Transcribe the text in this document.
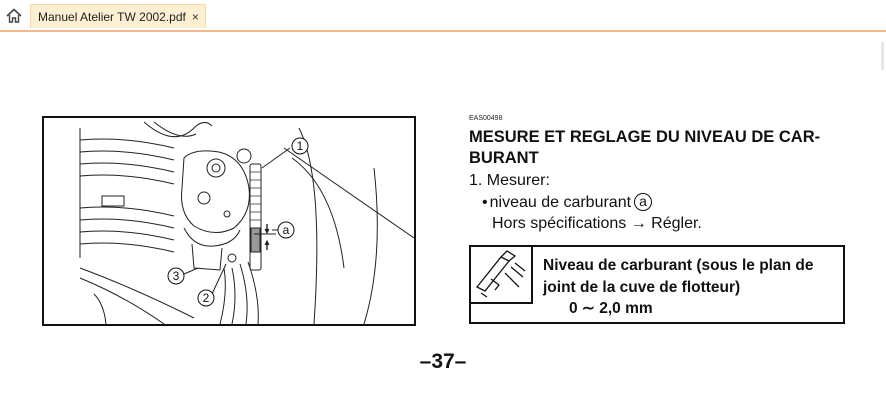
Manuel Atelier TW 2002.pdf ×
1
a
3
2
EAS00498
MESURE ET REGLAGE DU NIVEAU DE CAR- BURANT
1. Mesurer:
• niveau de carburant a
Hors spécifications → Régler.
Niveau de carburant (sous le plan de joint de la cuve de flotteur)
0 ∼ 2,0 mm
–37–
